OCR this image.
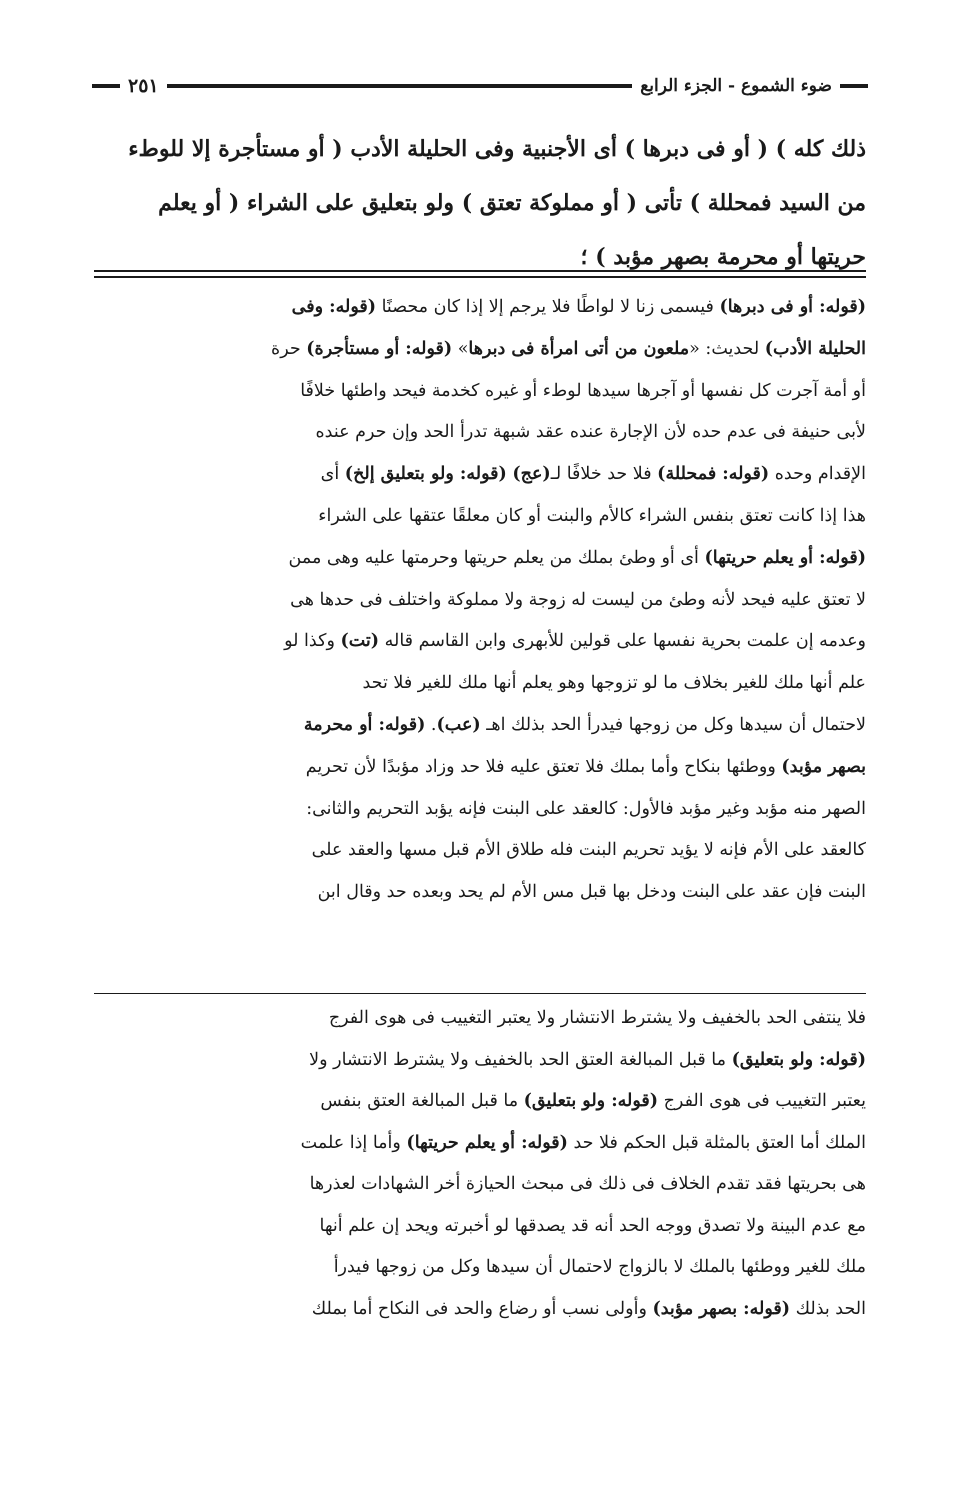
ضوء الشموع - الجزء الرابع
٢٥١

ذلك كله ) ( أو فى دبرها ) أى الأجنبية وفى الحليلة الأدب ( أو مستأجرة إلا للوطء

من السيد فمحللة ) تأتى ( أو مملوكة تعتق ) ولو بتعليق على الشراء ( أو يعلم

حريتها أو محرمة بصهر مؤبد ) ؛

(قوله: أو فى دبرها) فيسمى زنا لا لواطًا فلا يرجم إلا إذا كان محصنًا (قوله: وفى

الحليلة الأدب) لحديث: «ملعون من أتى امرأة فى دبرها» (قوله: أو مستأجرة) حرة

أو أمة آجرت كل نفسها أو آجرها سيدها لوطء أو غيره كخدمة فيحد واطئها خلافًا

لأبى حنيفة فى عدم حده لأن الإجارة عنده عقد شبهة تدرأ الحد وإن حرم عنده

الإقدام وحده (قوله: فمحللة) فلا حد خلافًا لـ(عج) (قوله: ولو بتعليق إلخ) أى

هذا إذا كانت تعتق بنفس الشراء كالأم والبنت أو كان معلقًا عتقها على الشراء

(قوله: أو يعلم حريتها) أى أو وطئ بملك من يعلم حريتها وحرمتها عليه وهى ممن

لا تعتق عليه فيحد لأنه وطئ من ليست له زوجة ولا مملوكة واختلف فى حدها هى

وعدمه إن علمت بحرية نفسها على قولين للأبهرى وابن القاسم قاله (تت) وكذا لو

علم أنها ملك للغير بخلاف ما لو تزوجها وهو يعلم أنها ملك للغير فلا تحد

لاحتمال أن سيدها وكل من زوجها فيدرأ الحد بذلك اهـ (عب). (قوله: أو محرمة

بصهر مؤبد) ووطئها بنكاح وأما بملك فلا تعتق عليه فلا حد وزاد مؤبدًا لأن تحريم

الصهر منه مؤبد وغير مؤبد فالأول: كالعقد على البنت فإنه يؤبد التحريم والثانى:

كالعقد على الأم فإنه لا يؤيد تحريم البنت فله طلاق الأم قبل مسها والعقد على

البنت فإن عقد على البنت ودخل بها قبل مس الأم لم يحد وبعده حد وقال ابن

فلا ينتفى الحد بالخفيف ولا يشترط الانتشار ولا يعتبر التغييب فى هوى الفرج

(قوله: ولو بتعليق) ما قبل المبالغة العتق الحد بالخفيف ولا يشترط الانتشار ولا

يعتبر التغييب فى هوى الفرج (قوله: ولو بتعليق) ما قبل المبالغة العتق بنفس

الملك أما العتق بالمثلة قبل الحكم فلا حد (قوله: أو يعلم حريتها) وأما إذا علمت

هى بحريتها فقد تقدم الخلاف فى ذلك فى مبحث الحيازة أخر الشهادات لعذرها

مع عدم البينة ولا تصدق ووجه الحد أنه قد يصدقها لو أخبرته ويحد إن علم أنها

ملك للغير ووطئها بالملك لا بالزواج لاحتمال أن سيدها وكل من زوجها فيدرأ

الحد بذلك (قوله: بصهر مؤبد) وأولى نسب أو رضاع والحد فى النكاح أما بملك
